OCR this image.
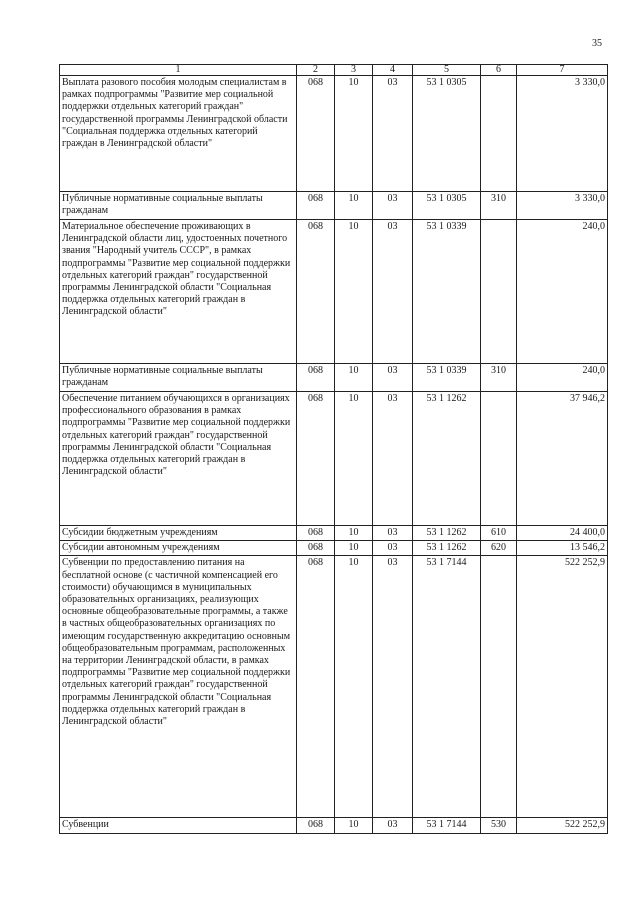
35
1	2	3	4	5	6	7
Выплата разового пособия молодым специалистам в рамках подпрограммы "Развитие мер социальной поддержки отдельных категорий граждан" государственной программы Ленинградской области "Социальная поддержка отдельных категорий граждан в Ленинградской области"	068	10	03	53 1 0305		3 330,0
Публичные нормативные социальные выплаты гражданам	068	10	03	53 1 0305	310	3 330,0
Материальное обеспечение проживающих в Ленинградской области лиц, удостоенных почетного звания "Народный учитель СССР", в рамках подпрограммы "Развитие мер социальной поддержки отдельных категорий граждан" государственной программы Ленинградской области "Социальная поддержка отдельных категорий граждан в Ленинградской области"	068	10	03	53 1 0339		240,0
Публичные нормативные социальные выплаты гражданам	068	10	03	53 1 0339	310	240,0
Обеспечение питанием обучающихся в организациях профессионального образования в рамках подпрограммы "Развитие мер социальной поддержки отдельных категорий граждан" государственной программы Ленинградской области "Социальная поддержка отдельных категорий граждан в Ленинградской области"	068	10	03	53 1 1262		37 946,2
Субсидии бюджетным учреждениям	068	10	03	53 1 1262	610	24 400,0
Субсидии автономным учреждениям	068	10	03	53 1 1262	620	13 546,2
Субвенции по предоставлению питания на бесплатной основе (с частичной компенсацией его стоимости) обучающимся в муниципальных образовательных организациях, реализующих основные общеобразовательные программы, а также в частных общеобразовательных организациях по имеющим государственную аккредитацию основным общеобразовательным программам, расположенных на территории Ленинградской области, в рамках подпрограммы "Развитие мер социальной поддержки отдельных категорий граждан" государственной программы Ленинградской области "Социальная поддержка отдельных категорий граждан в Ленинградской области"	068	10	03	53 1 7144		522 252,9
Субвенции	068	10	03	53 1 7144	530	522 252,9
